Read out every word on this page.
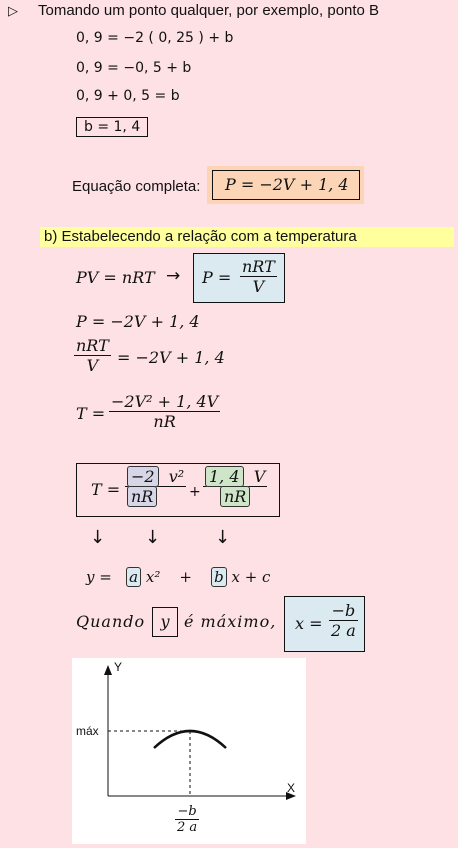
▷ Tomando um ponto qualquer, por exemplo, ponto B
0, 9 = −2 ( 0, 25 ) + b
0, 9 = −0, 5 + b
0, 9 + 0, 5 = b
b = 1, 4
Equação completa: P = −2V + 1, 4
b) Estabelecendo a relação com a temperatura
PV = nRT → P =
nRT
V
P = −2V + 1, 4
nRT
V	= −2V + 1, 4
$T = \frac{\text{−2V² + 1, 4V}}{nR}$
$T = \frac{\text{−2 v²}}{nR} + \frac{1, 4 V}{nR}$
↓ ↓	↓
y = a x² + b x + c
Quando y é máximo, $x = \frac{-b}{2 a}$
Y
X
máx
$\frac{-b}{2 a}$
